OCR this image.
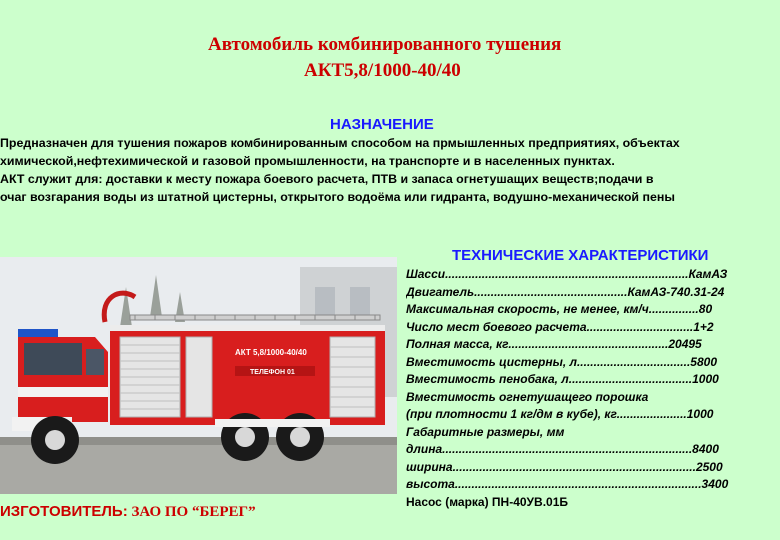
Автомобиль комбинированного тушения
АКТ5,8/1000-40/40
НАЗНАЧЕНИЕ
Предназначен для тушения пожаров комбинированным способом на прмышленных предприятиях, объектах
химической,нефтехимической и газовой промышленности, на транспорте и в населенных пунктах.
АКТ служит для: доставки к месту пожара боевого расчета, ПТВ и запаса огнетушащих веществ;подачи в
очаг возгарания воды из штатной цистерны, открытого водоёма или гидранта, водушно-механической пены
АКТ 5,8/1000-40/40
ТЕЛЕФОН 01
ТЕХНИЧЕСКИЕ ХАРАКТЕРИСТИКИ
Шасси.........................................................................КамАЗ
Двигатель..............................................КамАЗ-740.31-24
Максимальная скорость, не менее, км/ч...............80
Число мест боевого расчета................................1+2
Полная масса, кг................................................20495
Вместимость цистерны, л..................................5800
Вместимость пенобака, л.....................................1000
Вместимость огнетушащего порошка
(при плотности 1 кг/дм в кубе), кг.....................1000
Габаритные размеры, мм
длина...........................................................................8400
ширина.........................................................................2500
высота..........................................................................3400
Насос (марка) ПН-40УВ.01Б
ИЗГОТОВИТЕЛЬ: ЗАО ПО “БЕРЕГ”
